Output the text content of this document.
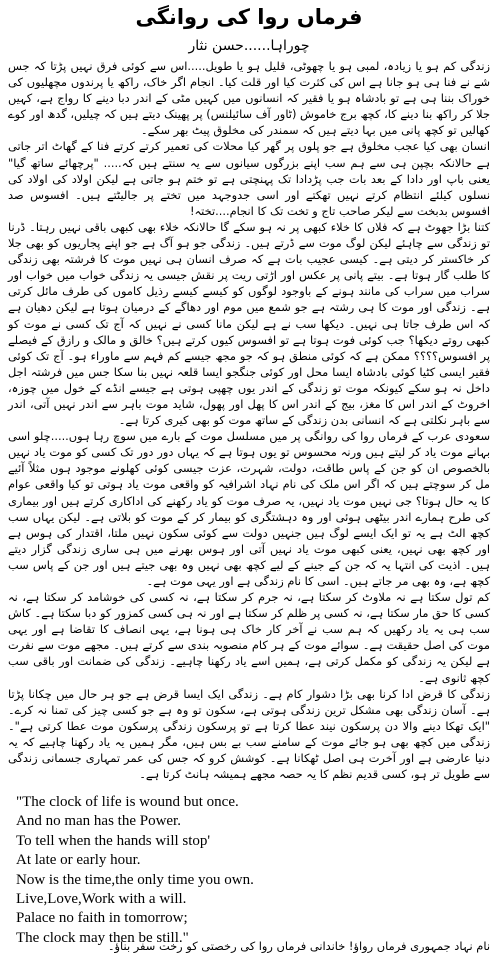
فرماں روا کی روانگی
چوراہا......حسن نثار

زندگی کم ہو یا زیادہ، لمبی ہو یا چھوٹی، قلیل ہو یا طویل.....اس سے کوئی فرق نہیں پڑتا کہ جس شے نے فنا ہی ہو جانا ہے اس کی کثرت کیا اور قلت کیا۔ انجام اگر خاک، راکھ یا پرندوں مچھلیوں کی خوراک بننا ہی ہے تو بادشاہ ہو یا فقیر کہ انسانوں میں کہیں مٹی کے اندر دبا دینے کا رواج ہے، کہیں جلا کر راکھ بنا دینے کا، کچھ برج خاموش (ٹاور آف سائیلنس) پر پھینک دیتے ہیں کہ چیلیں، گدھ اور کوے کھالیں تو کچھ پانی میں بہا دیتے ہیں کہ سمندر کی مخلوق پیٹ بھر سکے۔

انسان بھی کیا عجب مخلوق ہے جو پلوں پر گھر کیا محلات کی تعمیر کرتے کرتے فنا کے گھاٹ اتر جاتی ہے حالانکہ بچپن ہی سے ہم سب اپنے بزرگوں سیانوں سے یہ سنتے ہیں کہ..... "پرچھائے ساتھ گیا" یعنی باپ اور دادا کے بعد بات جب پڑدادا تک پہنچتی ہے تو ختم ہو جاتی ہے لیکن اولاد کی اولاد کی نسلوں کیلئے انتظام کرتے نہیں تھکتے اور اسی جدوجہد میں تختے پر جالیٹتے ہیں۔ افسوس صد افسوس بدبخت سے لیکر صاحب تاج و تخت تک کا انجام....تختہ!

کتنا بڑا جھوٹ ہے کہ فلاں کا خلاء کبھی پر نہ ہو سکے گا حالانکہ خلاء بھی کبھی باقی نہیں رہتا۔ ڈرنا تو زندگی سے چاہئے لیکن لوگ موت سے ڈرتے ہیں۔ زندگی جو ہو آگ ہے جو اپنے پجاریوں کو بھی جلا کر خاکستر کر دیتی ہے۔ کیسی عجیب بات ہے کہ صرف انسان ہی نہیں موت کا فرشتہ بھی زندگی کا طلب گار ہوتا ہے۔ بیتے پانی پر عکس اور اڑتی ریت پر نقش جیسی یہ زندگی خواب میں خواب اور سراب میں سراب کی مانند ہونے کے باوجود لوگوں کو کیسے کیسے رذیل کاموں کی طرف مائل کرتی ہے۔ زندگی اور موت کا ہی رشتہ ہے جو شمع میں موم اور دھاگے کے درمیان ہوتا ہے لیکن دھیان ہے کہ اس طرف جاتا ہی نہیں۔ دیکھا سب نے ہے لیکن مانا کسی نے نہیں کہ آج تک کسی نے موت کو کبھی روتے دیکھا؟ جب کوئی فوت ہوتا ہے تو افسوس کیوں کرتے ہیں؟ خالق و مالک و رازق کے فیصلے پر افسوس؟؟؟؟ ممکن ہے کہ کوئی منطق ہو کہ جو مجھ جیسے کم فہم سے ماوراء ہو۔ آج تک کوئی فقیر ایسی کٹیا کوئی بادشاہ ایسا محل اور کوئی جنگجو ایسا قلعہ نہیں بنا سکا جس میں فرشتہ اجل داخل نہ ہو سکے کیونکہ موت تو زندگی کے اندر یوں چھپی ہوتی ہے جیسے انڈے کے خول میں چوزہ، اخروٹ کے اندر اس کا مغز، بیج کے اندر اس کا پھل اور پھول، شاید موت باہر سے اندر نہیں آتی، اندر سے باہر نکلتی ہے کہ انسانی بدن زندگی کے ساتھ موت کو بھی کیری کرتا ہے۔

سعودی عرب کے فرماں روا کی روانگی پر میں مسلسل موت کے بارے میں سوچ رہا ہوں.....چلو اسی بہانے موت یاد کر لیتے ہیں ورنہ محسوس تو یوں ہوتا ہے کہ یہاں دور دور تک کسی کو موت یاد نہیں بالخصوص ان کو جن کے پاس طاقت، دولت، شہرت، عزت جیسی کوئی کھلونے موجود ہوں مثلاً آئیے مل کر سوچتے ہیں کہ اگر اس ملک کی نام نہاد اشرافیہ کو واقعی موت یاد ہوتی تو کیا واقعی عوام کا یہ حال ہوتا؟ جی نہیں موت یاد نہیں، یہ صرف موت کو یاد رکھنے کی اداکاری کرتے ہیں اور بیماری کی طرح ہمارے اندر بیٹھی ہوئی اور وہ دہشتگری کو بیمار کر کے موت کو بلاتی ہے۔ لیکن یہاں سب کچھ الٹ ہے یہ تو ایک ایسے لوگ ہیں جنہیں دولت سے کوئی سکون نہیں ملتا، اقتدار کی ہوس ہے اور کچھ بھی نہیں، یعنی کبھی موت یاد نہیں آتی اور ہوس بھرنے میں ہی ساری زندگی گزار دیتے ہیں۔ اذیت کی انتہا یہ کہ جن کے جینے کے لیے کچھ بھی نہیں وہ بھی جیتے ہیں اور جن کے پاس سب کچھ ہے، وہ بھی مر جاتے ہیں۔ اسی کا نام زندگی ہے اور یہی موت ہے۔

کم تول سکتا ہے نہ ملاوٹ کر سکتا ہے، نہ جرم کر سکتا ہے، نہ کسی کی خوشامد کر سکتا ہے، نہ کسی کا حق مار سکتا ہے، نہ کسی پر ظلم کر سکتا ہے اور نہ ہی کسی کمزور کو دبا سکتا ہے۔ کاش سب ہی یہ یاد رکھیں کہ ہم سب نے آخر کار خاک ہی ہونا ہے، یہی انصاف کا تقاضا ہے اور یہی موت کی اصل حقیقت ہے۔ سوائے موت کے ہر کام منصوبہ بندی سے کرتے ہیں۔ مجھے موت سے نفرت ہے لیکن یہ زندگی کو مکمل کرتی ہے، ہمیں اسے یاد رکھنا چاہیے۔ زندگی کی ضمانت اور باقی سب کچھ ثانوی ہے۔

زندگی کا قرض ادا کرنا بھی بڑا دشوار کام ہے۔ زندگی ایک ایسا قرض ہے جو ہر حال میں چکانا پڑتا ہے۔ آسان زندگی بھی مشکل ترین زندگی ہوتی ہے، سکون تو وہ ہے جو کسی چیز کی تمنا نہ کرے۔ "ایک تھکا دینے والا دن پرسکون نیند عطا کرتا ہے تو پرسکون زندگی پرسکون موت عطا کرتی ہے"۔ زندگی میں کچھ بھی ہو جائے موت کے سامنے سب بے بس ہیں، مگر ہمیں یہ یاد رکھنا چاہیے کہ یہ دنیا عارضی ہے اور آخرت ہی اصل ٹھکانا ہے۔ کوشش کرو کہ جس کی عمر تمہاری جسمانی زندگی سے طویل تر ہو، کسی قدیم نظم کا یہ حصہ مجھے ہمیشہ ہانٹ کرتا ہے۔

"The clock of life is wound but once.

And no man has the Power.

To tell when the hands will stop'

At late or early hour.

Now is the time,the only time you own.

Live,Love,Work with a will.

Palace no faith in tomorrow;

The clock may then be still."

نام نہاد جمہوری فرماں رواؤ! خاندانی فرماں روا کی رخصتی کو رخت سفر بناؤ۔
